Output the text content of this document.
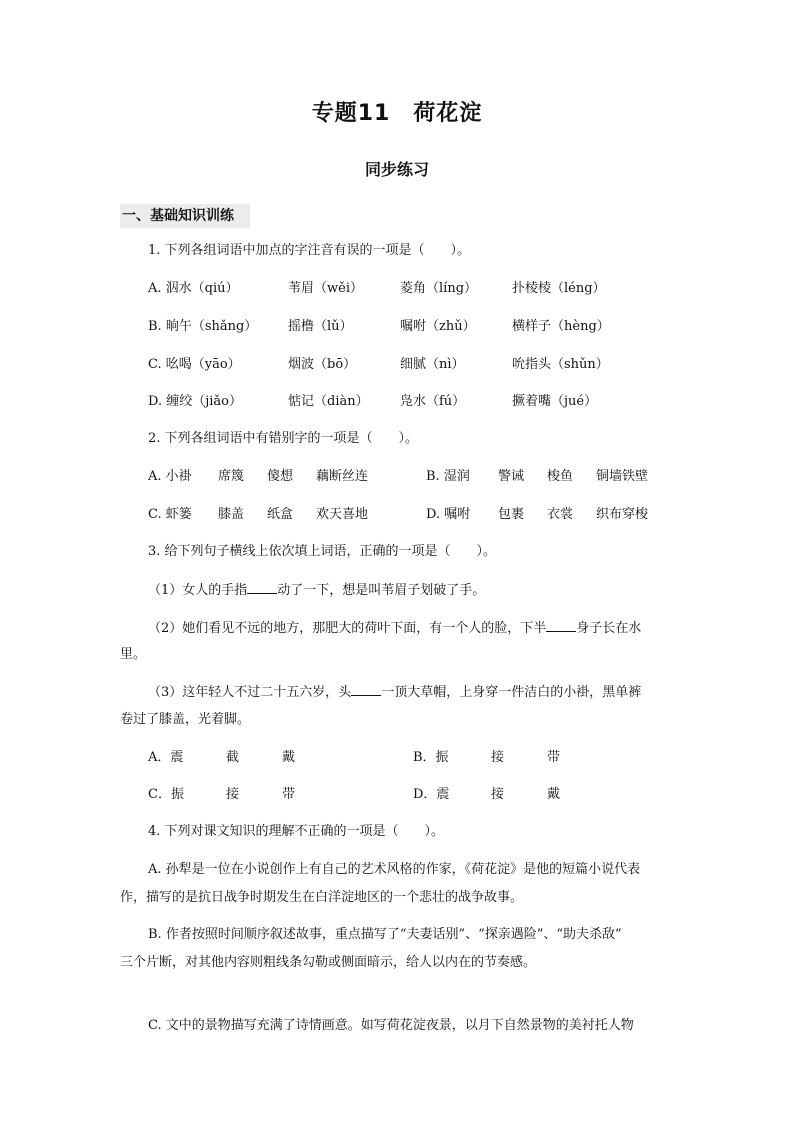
专题11　荷花淀
同步练习
一、基础知识训练
1. 下列各组词语中加点的字注音有误的一项是（　　）。
A. 泅水（qiú）	苇眉（wěi）	菱角（líng）	扑棱棱（léng）
B. 晌午（shǎng） 摇橹（lǔ）	嘱咐（zhǔ）	横样子（hèng）
C. 吆喝（yāo）	烟波（bō）	细腻（nì）	吮指头（shǔn）
D. 缠绞（jiǎo）	惦记（diàn） 凫水（fú）	撅着嘴（jué）
2. 下列各组词语中有错别字的一项是（　　）。
A. 小褂 席篾 傻想 藕断丝连	B. 湿润 警诫 梭鱼 铜墙铁壁
C. 虾篓 膝盖 纸盒 欢天喜地	D. 嘱咐 包裹 衣裳 织布穿梭
3. 给下列句子横线上依次填上词语，正确的一项是（　　）。
（1）女人的手指 动了一下，想是叫苇眉子划破了手。
（2）她们看见不远的地方，那肥大的荷叶下面，有一个人的脸，下半 身子长在水
里。
（3）这年轻人不过二十五六岁，头 一顶大草帽，上身穿一件洁白的小褂，黑单裤
卷过了膝盖，光着脚。
A．震	截	戴	B．振	接	带
C．振	接	带	D．震	接	戴
4. 下列对课文知识的理解不正确的一项是（　　）。
A. 孙犁是一位在小说创作上有自己的艺术风格的作家，《荷花淀》是他的短篇小说代表
作，描写的是抗日战争时期发生在白洋淀地区的一个悲壮的战争故事。
B. 作者按照时间顺序叙述故事，重点描写了“夫妻话别”、“探亲遇险”、“助夫杀敌”
三个片断，对其他内容则粗线条勾勒或侧面暗示，给人以内在的节奏感。
C. 文中的景物描写充满了诗情画意。如写荷花淀夜景，以月下自然景物的美衬托人物
